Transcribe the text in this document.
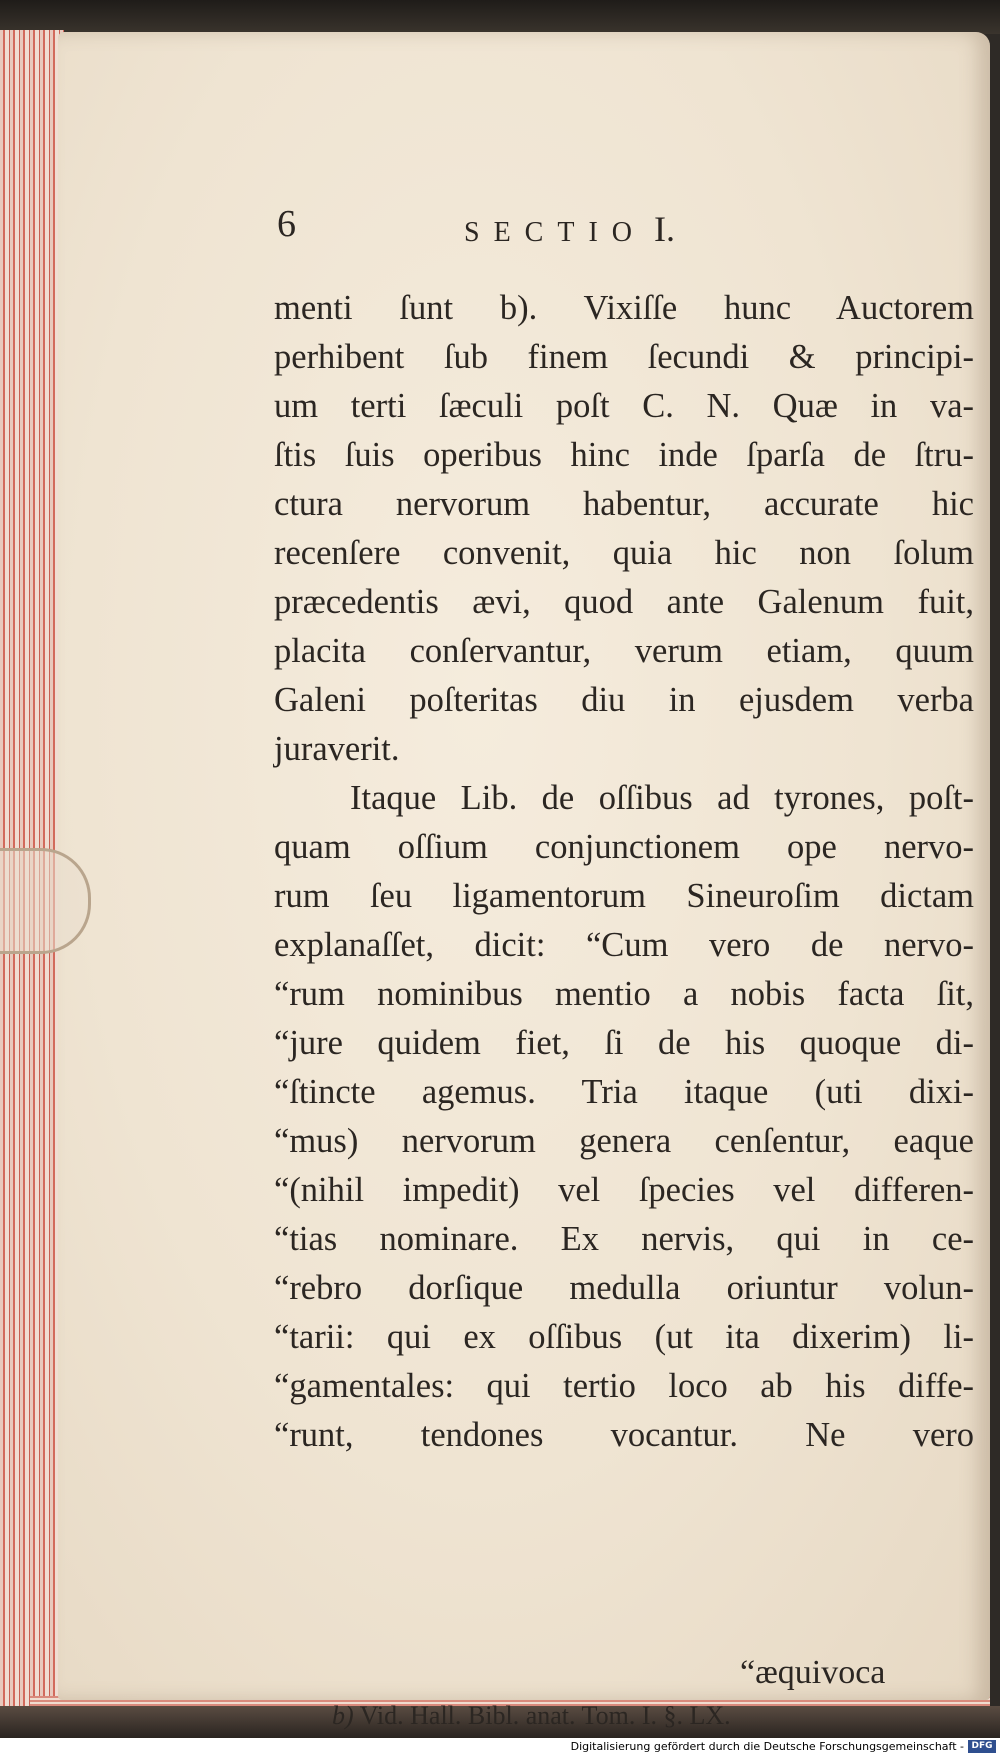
6	SECTIO I.
menti ſunt b). Vixiſſe hunc Auctorem
perhibent ſub finem ſecundi & principi-
um terti ſæculi poſt C. N. Quæ in va-
ſtis ſuis operibus hinc inde ſparſa de ſtru-
ctura nervorum habentur, accurate hic
recenſere convenit, quia hic non ſolum
præcedentis ævi, quod ante Galenum fuit,
placita conſervantur, verum etiam, quum
Galeni poſteritas diu in ejusdem verba
juraverit.
Itaque Lib. de oſſibus ad tyrones, poſt-
quam oſſium conjunctionem ope nervo-
rum ſeu ligamentorum Sineuroſim dictam
explanaſſet, dicit: “Cum vero de nervo-
“rum nominibus mentio a nobis facta ſit,
“jure quidem fiet, ſi de his quoque di-
“ſtincte agemus. Tria itaque (uti dixi-
“mus) nervorum genera cenſentur, eaque
“(nihil impedit) vel ſpecies vel differen-
“tias nominare. Ex nervis, qui in ce-
“rebro dorſique medulla oriuntur volun-
“tarii: qui ex oſſibus (ut ita dixerim) li-
“gamentales: qui tertio loco ab his diffe-
“runt, tendones vocantur. Ne vero
“æquivoca
b) Vid. Hall. Bibl. anat. Tom. I. §. LX.
Digitalisierung gefördert durch die Deutsche Forschungsgemeinschaft - DFG
